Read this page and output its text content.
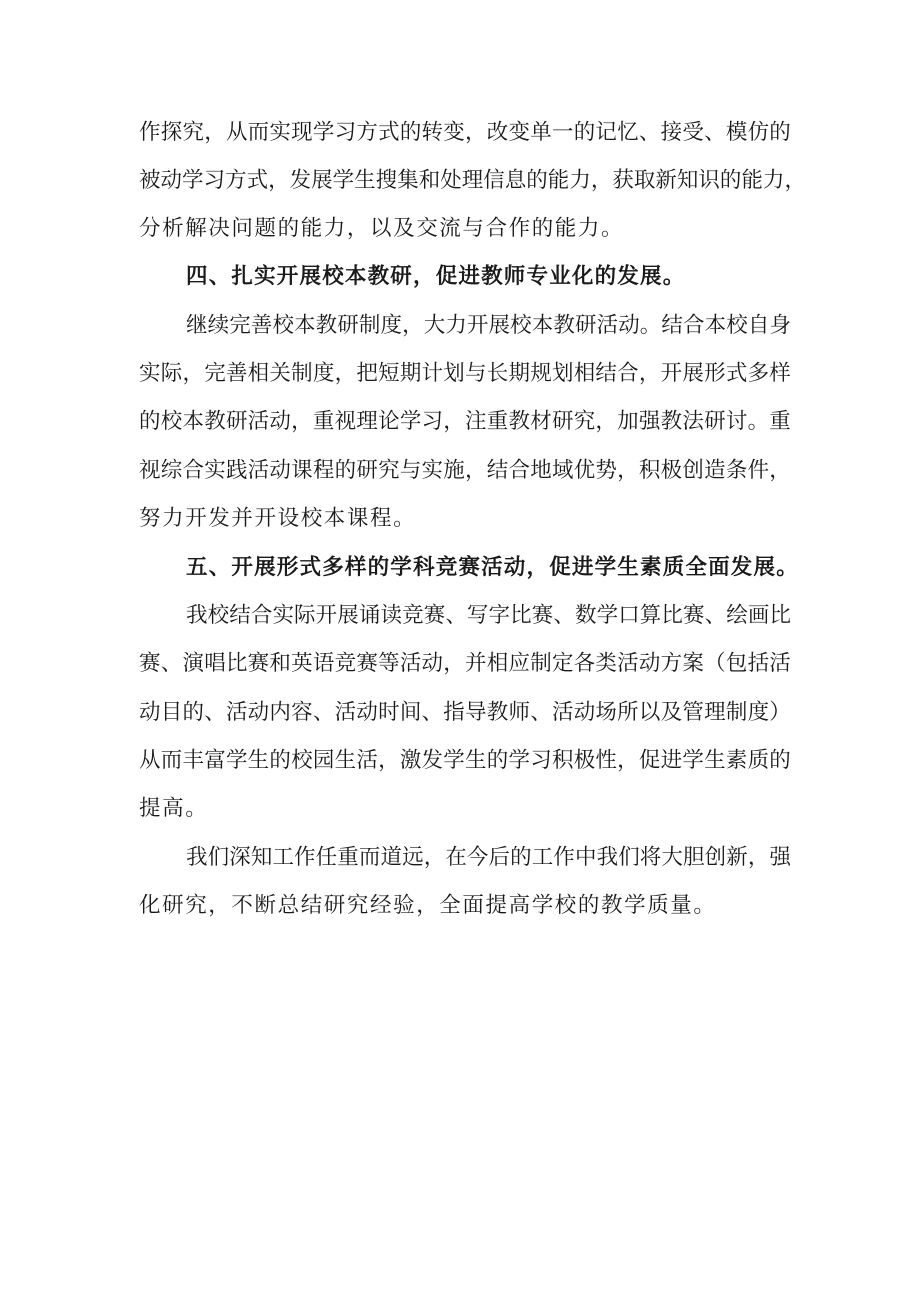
作 探 究 ， 从 而 实 现 学 习 方 式 的 转 变 ， 改 变 单 一 的 记 忆 、 接 受 、 模 仿 的
被 动 学 习 方 式 ， 发 展 学 生 搜 集 和 处 理 信 息 的 能 力 ， 获 取 新 知 识 的 能 力 ，
分析解决问题的能力，以及交流与合作的能力。
四、扎实开展校本教研，促进教师专业化的发展。
继 续 完 善 校 本 教 研 制 度 ， 大 力 开 展 校 本 教 研 活 动 。 结 合 本 校 自 身
实 际 ， 完 善 相 关 制 度 ， 把 短 期 计 划 与 长 期 规 划 相 结 合 ， 开 展 形 式 多 样
的 校 本 教 研 活 动 ， 重 视 理 论 学 习 ， 注 重 教 材 研 究 ， 加 强 教 法 研 讨 。 重
视 综 合 实 践 活 动 课 程 的 研 究 与 实 施 ， 结 合 地 域 优 势 ， 积 极 创 造 条 件 ，
努力开发并开设校本课程。
五、开展形式多样的学科竞赛活动，促进学生素质全面发展。
我 校 结 合 实 际 开 展 诵 读 竞 赛 、 写 字 比 赛 、 数 学 口 算 比 赛 、 绘 画 比
赛 、 演 唱 比 赛 和 英 语 竞 赛 等 活 动 ， 并 相 应 制 定 各 类 活 动 方 案 （ 包 括 活
动 目 的 、 活 动 内 容 、 活 动 时 间 、 指 导 教 师 、 活 动 场 所 以 及 管 理 制 度 ）
从 而 丰 富 学 生 的 校 园 生 活 ， 激 发 学 生 的 学 习 积 极 性 ， 促 进 学 生 素 质 的
提高。
我 们 深 知 工 作 任 重 而 道 远 ， 在 今 后 的 工 作 中 我 们 将 大 胆 创 新 ， 强
化研究，不断总结研究经验，全面提高学校的教学质量。
